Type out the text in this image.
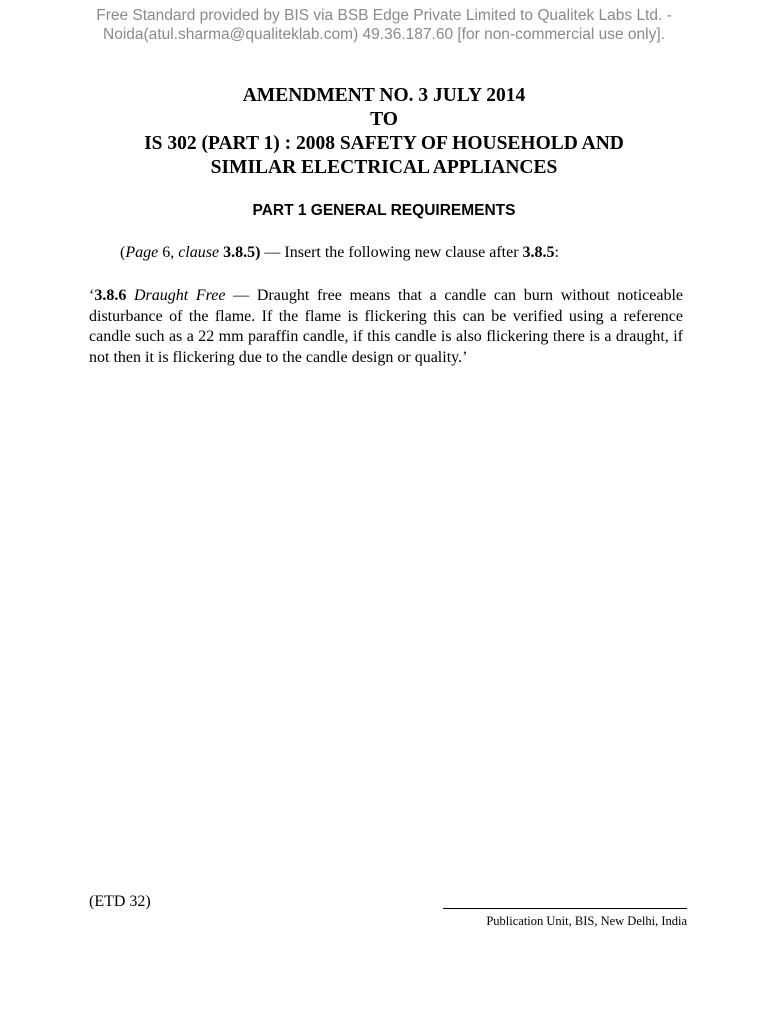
Free Standard provided by BIS via BSB Edge Private Limited to Qualitek Labs Ltd. -
Noida(atul.sharma@qualiteklab.com) 49.36.187.60 [for non-commercial use only].
AMENDMENT NO. 3 JULY 2014
TO
IS 302 (PART 1) : 2008 SAFETY OF HOUSEHOLD AND
SIMILAR ELECTRICAL APPLIANCES
PART 1 GENERAL REQUIREMENTS
(Page 6, clause 3.8.5) — Insert the following new clause after 3.8.5:
‘3.8.6 Draught Free — Draught free means that a candle can burn without noticeable disturbance of the flame. If the flame is flickering this can be verified using a reference candle such as a 22 mm paraffin candle, if this candle is also flickering there is a draught, if not then it is flickering due to the candle design or quality.’
(ETD 32)
Publication Unit, BIS, New Delhi, India
